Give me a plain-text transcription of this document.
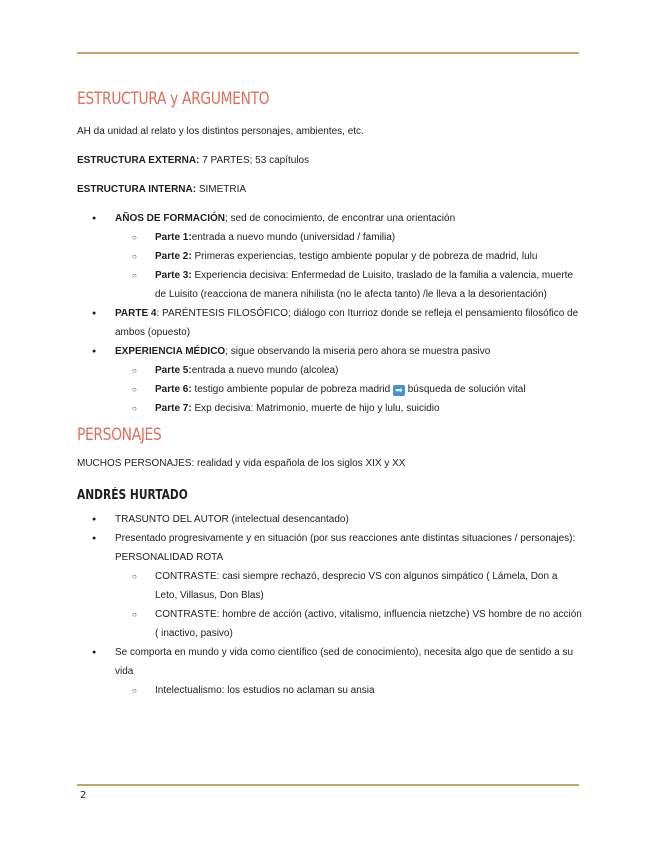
ESTRUCTURA y ARGUMENTO

AH da unidad al relato y los distintos personajes, ambientes, etc.

ESTRUCTURA EXTERNA: 7 PARTES; 53 capítulos

ESTRUCTURA INTERNA: SIMETRIA

● AÑOS DE FORMACIÓN; sed de conocimiento, de encontrar una orientación
○ Parte 1:entrada a nuevo mundo (universidad / familia)
○ Parte 2: Primeras experiencias, testigo ambiente popular y de pobreza de madrid, lulu
○ Parte 3: Experiencia decisiva: Enfermedad de Luisito, traslado de la familia a valencia, muerte de Luisito (reacciona de manera nihilista (no le afecta tanto) /le lleva a la desorientación)
● PARTE 4: PARÉNTESIS FILOSÓFICO; diálogo con Iturrioz donde se refleja el pensamiento filosófico de ambos (opuesto)
● EXPERIENCIA MÉDICO; sigue observando la miseria pero ahora se muestra pasivo
○ Parte 5:entrada a nuevo mundo (alcolea)
○ Parte 6: testigo ambiente popular de pobreza madrid ➡ búsqueda de solución vital
○ Parte 7: Exp decisiva: Matrimonio, muerte de hijo y lulu, suicidio
PERSONAJES

MUCHOS PERSONAJES: realidad y vida española de los siglos XIX y XX

ANDRÉS HURTADO
● TRASUNTO DEL AUTOR (intelectual desencantado)
● Presentado progresivamente y en situación (por sus reacciones ante distintas situaciones / personajes): PERSONALIDAD ROTA
○ CONTRASTE: casi siempre rechazó, desprecio VS con algunos simpático ( Lámela, Don a Leto, Villasus, Don Blas)
○ CONTRASTE: hombre de acción (activo, vitalismo, influencia nietzche) VS hombre de no acción ( inactivo, pasivo)
● Se comporta en mundo y vida como científico (sed de conocimiento), necesita algo que de sentido a su vida
○ Intelectualismo: los estudios no aclaman su ansia
2
